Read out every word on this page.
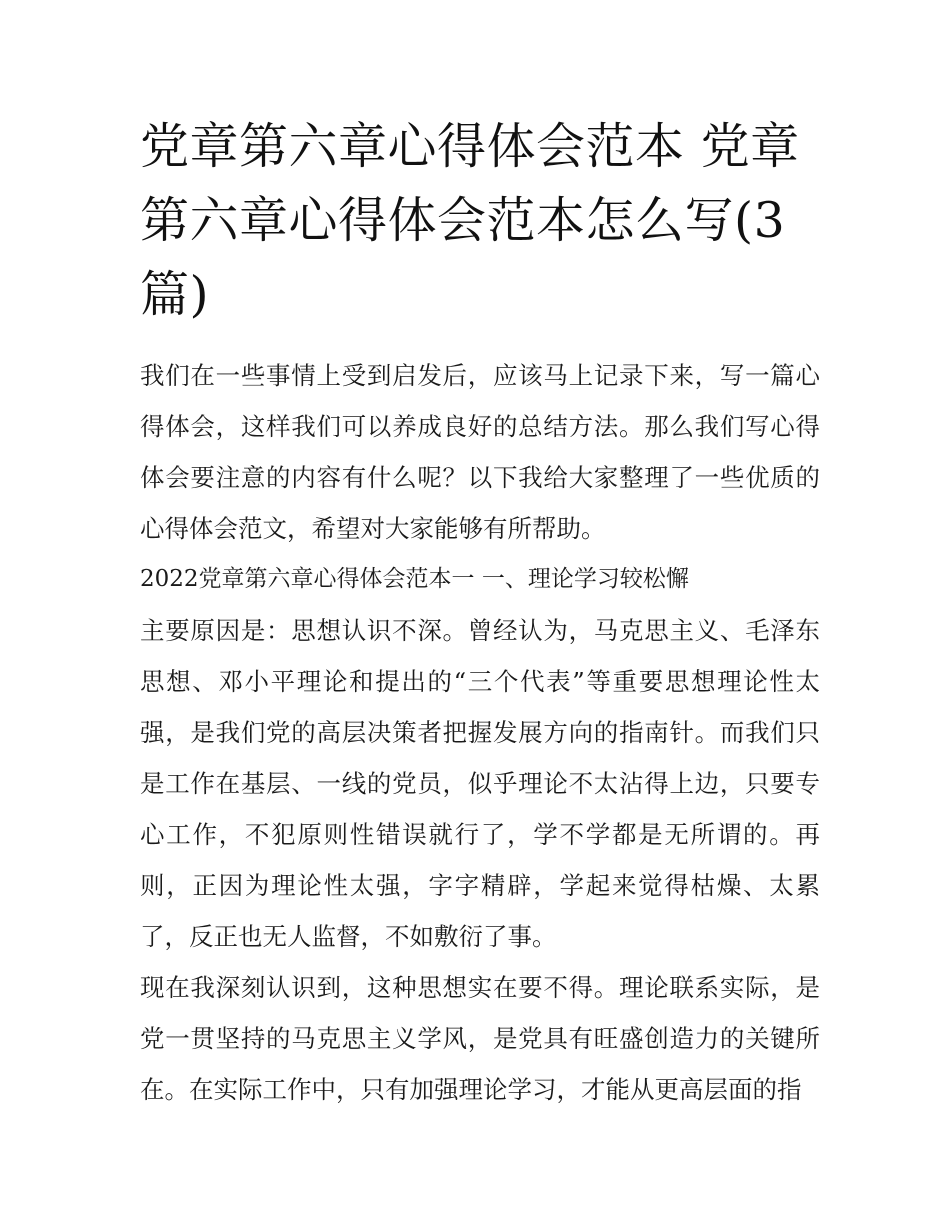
党章第六章心得体会范本 党章第六章心得体会范本怎么写(3篇)

我们在一些事情上受到启发后，应该马上记录下来，写一篇心得体会，这样我们可以养成良好的总结方法。那么我们写心得体会要注意的内容有什么呢？以下我给大家整理了一些优质的心得体会范文，希望对大家能够有所帮助。

2022党章第六章心得体会范本一 一、理论学习较松懈

主要原因是：思想认识不深。曾经认为，马克思主义、毛泽东思想、邓小平理论和提出的“三个代表”等重要思想理论性太强，是我们党的高层决策者把握发展方向的指南针。而我们只是工作在基层、一线的党员，似乎理论不太沾得上边，只要专心工作，不犯原则性错误就行了，学不学都是无所谓的。再则，正因为理论性太强，字字精辟，学起来觉得枯燥、太累了，反正也无人监督，不如敷衍了事。

现在我深刻认识到，这种思想实在要不得。理论联系实际，是党一贯坚持的马克思主义学风，是党具有旺盛创造力的关键所在。在实际工作中，只有加强理论学习，才能从更高层面的指
